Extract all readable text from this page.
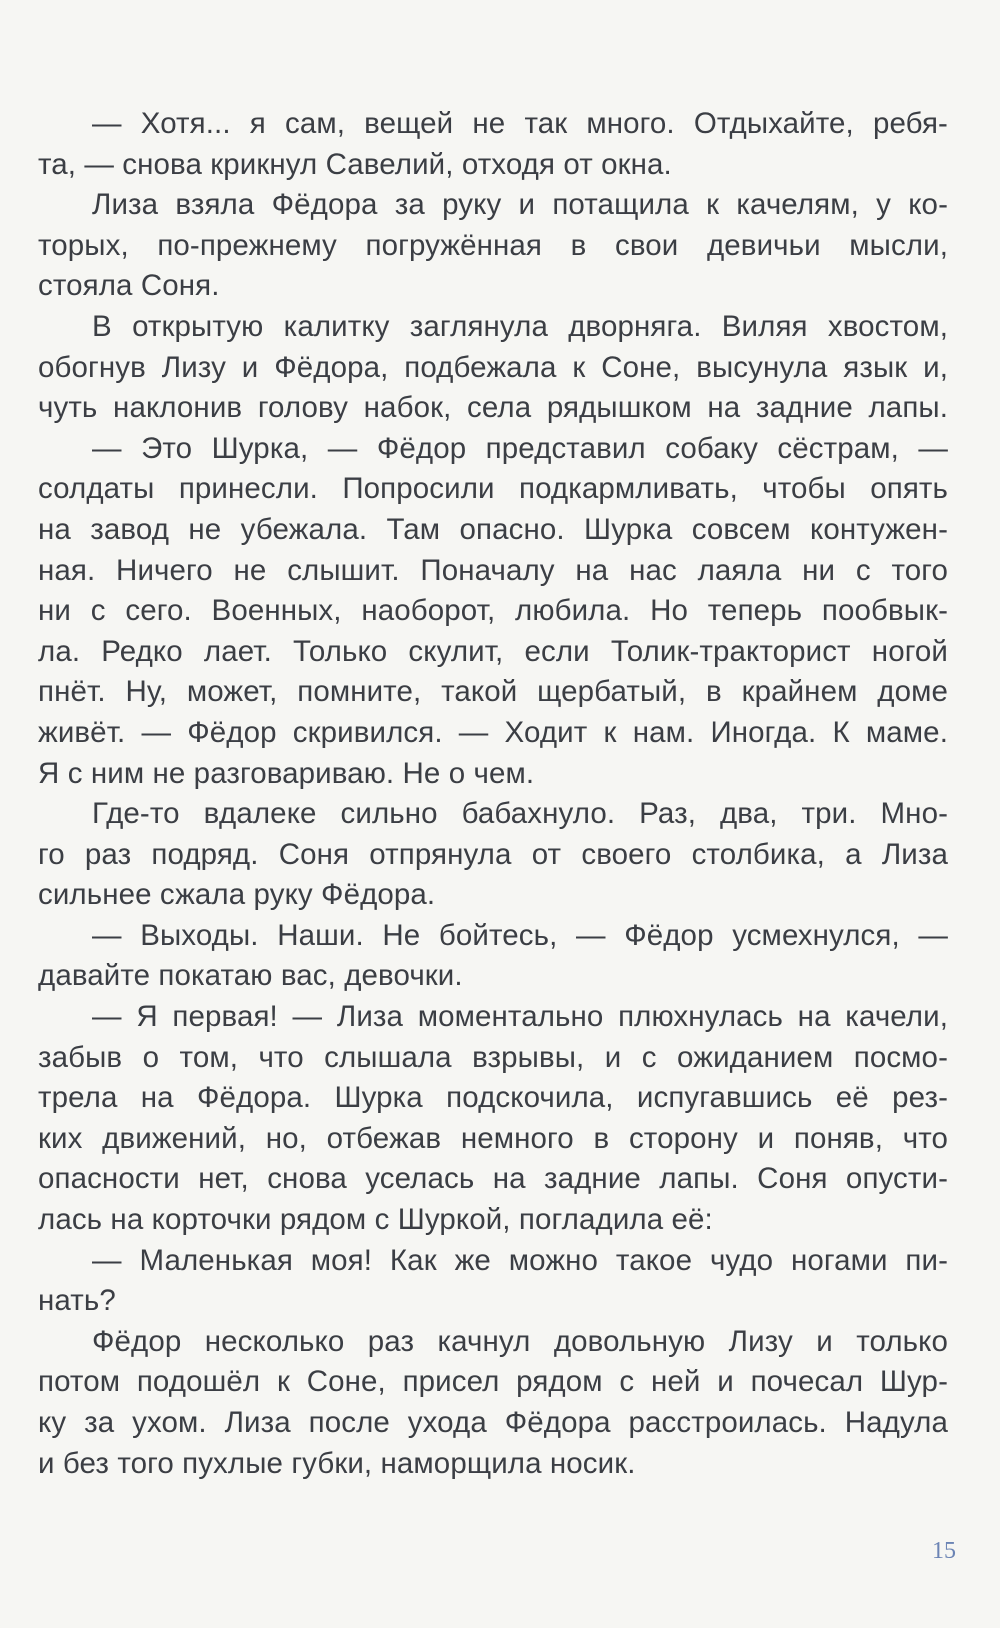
— Хотя... я сам, вещей не так много. Отдыхайте, ребя-
та, — снова крикнул Савелий, отходя от окна.
Лиза взяла Фёдора за руку и потащила к качелям, у ко-
торых, по-прежнему погружённая в свои девичьи мысли,
стояла Соня.
В открытую калитку заглянула дворняга. Виляя хвостом,
обогнув Лизу и Фёдора, подбежала к Соне, высунула язык и,
чуть наклонив голову набок, села рядышком на задние лапы.
— Это Шурка, — Фёдор представил собаку сёстрам, —
солдаты принесли. Попросили подкармливать, чтобы опять
на завод не убежала. Там опасно. Шурка совсем контужен-
ная. Ничего не слышит. Поначалу на нас лаяла ни с того
ни с сего. Военных, наоборот, любила. Но теперь пообвык-
ла. Редко лает. Только скулит, если Толик-тракторист ногой
пнёт. Ну, может, помните, такой щербатый, в крайнем доме
живёт. — Фёдор скривился. — Ходит к нам. Иногда. К маме.
Я с ним не разговариваю. Не о чем.
Где-то вдалеке сильно бабахнуло. Раз, два, три. Мно-
го раз подряд. Соня отпрянула от своего столбика, а Лиза
сильнее сжала руку Фёдора.
— Выходы. Наши. Не бойтесь, — Фёдор усмехнулся, —
давайте покатаю вас, девочки.
— Я первая! — Лиза моментально плюхнулась на качели,
забыв о том, что слышала взрывы, и с ожиданием посмо-
трела на Фёдора. Шурка подскочила, испугавшись её рез-
ких движений, но, отбежав немного в сторону и поняв, что
опасности нет, снова уселась на задние лапы. Соня опусти-
лась на корточки рядом с Шуркой, погладила её:
— Маленькая моя! Как же можно такое чудо ногами пи-
нать?
Фёдор несколько раз качнул довольную Лизу и только
потом подошёл к Соне, присел рядом с ней и почесал Шур-
ку за ухом. Лиза после ухода Фёдора расстроилась. Надула
и без того пухлые губки, наморщила носик.
15
